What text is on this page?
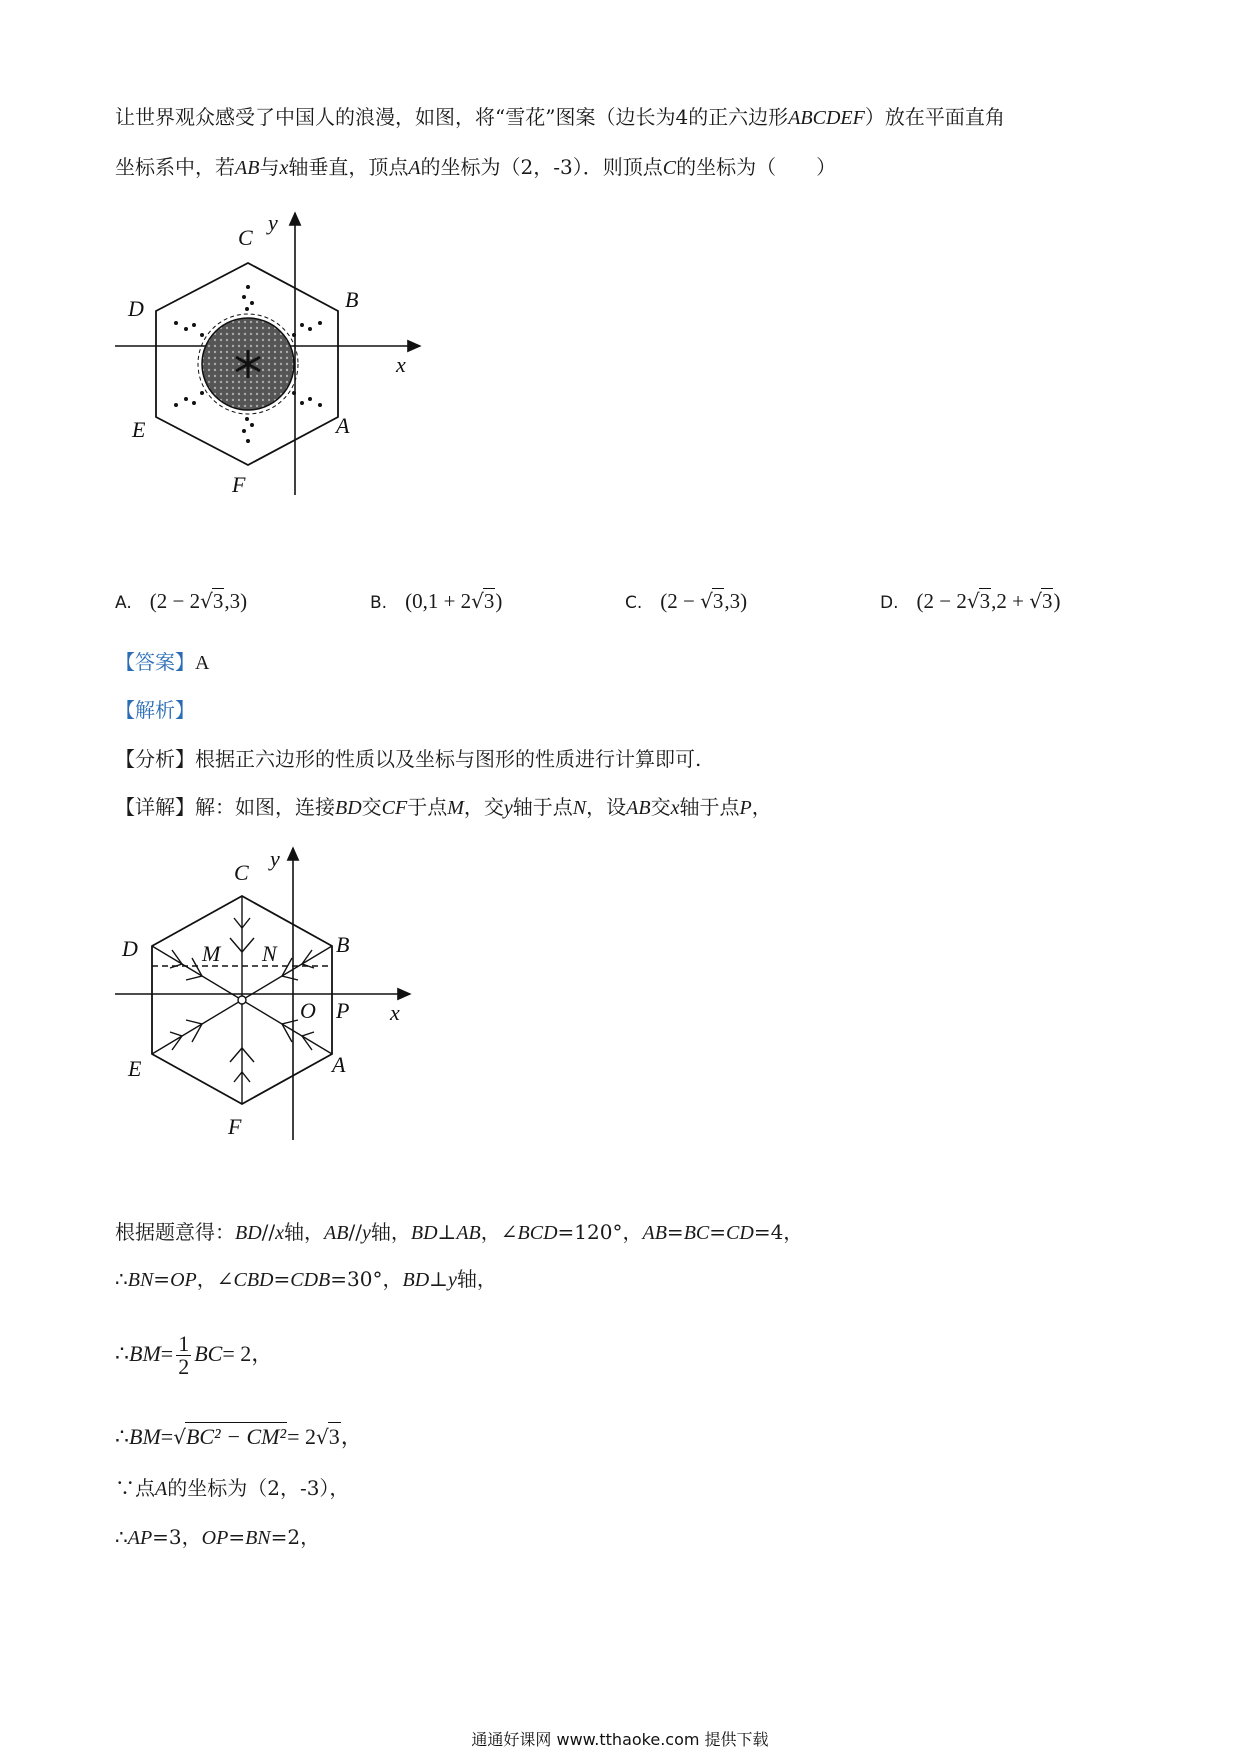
让世界观众感受了中国人的浪漫，如图，将“雪花”图案（边长为4的正六边形ABCDEF）放在平面直角
坐标系中，若AB与x轴垂直，顶点A的坐标为（2，-3）．则顶点C的坐标为（　　）
C
B
D
E	A
F
y
x
A. (2 − 2√3,3)	B. (0,1 + 2√3)	C. (2 − √3,3)	D. (2 − 2√3,2 + √3)
【答案】A
【解析】
【分析】根据正六边形的性质以及坐标与图形的性质进行计算即可.
【详解】解：如图，连接BD交CF于点M，交y轴于点N，设AB交x轴于点P，
C
B
D
E	A
F
M N
O P
y
x
根据题意得：BD//x轴，AB//y轴，BD⊥AB，∠BCD=120°，AB=BC=CD=4，
∴BN=OP，∠CBD=CDB=30°，BD⊥y轴，
∴BM= $\frac{1}{2} BC= 2$，
∴BM=√BC² − CM²= 2√3，
∵点A的坐标为（2，-3），
∴AP=3，OP=BN=2，
通通好课网 www.tthaoke.com 提供下载
